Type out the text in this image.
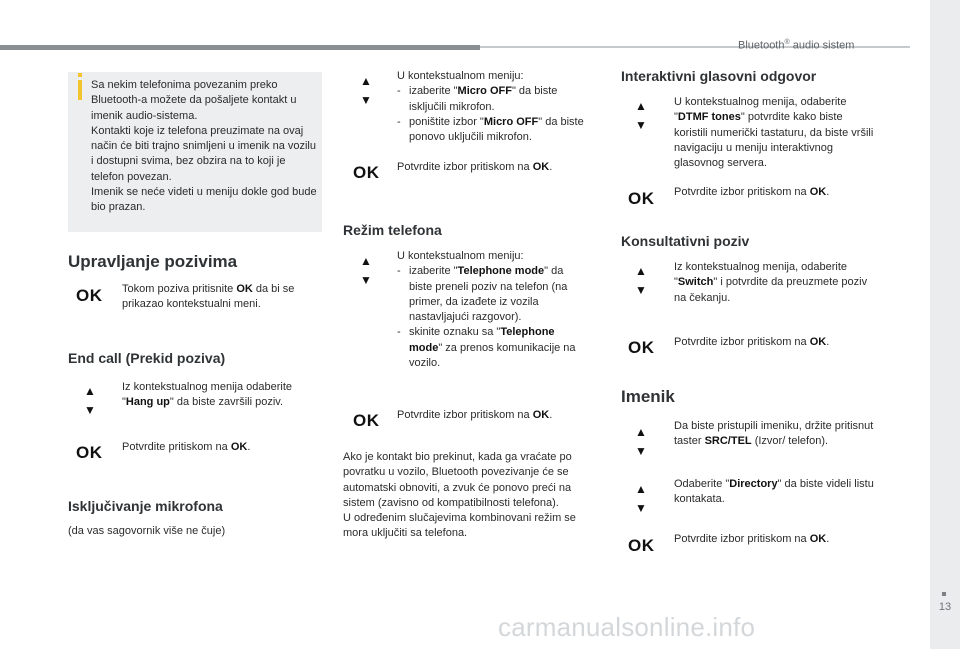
Bluetooth® audio sistem
13
carmanualsonline.info

Sa nekim telefonima povezanim preko Bluetooth-a možete da pošaljete kontakt u imenik audio-sistema.

Kontakti koje iz telefona preuzimate na ovaj način će biti trajno snimljeni u imenik na vozilu i dostupni svima, bez obzira na to koji je telefon povezan.

Imenik se neće videti u meniju dokle god bude bio prazan.

Upravljanje pozivima
OK Tokom poziva pritisnite OK da bi se prikazao kontekstualni meni.
End call (Prekid poziva)
▲
▼
Iz kontekstualnog menija odaberite "Hang up" da biste završili poziv.
OK Potvrdite pritiskom na OK.
Isključivanje mikrofona
(da vas sagovornik više ne čuje)
▲
▼

U kontekstualnom meniju:

- izaberite "Micro OFF" da biste isključili mikrofon.
- poništite izbor "Micro OFF" da biste ponovo uključili mikrofon.
OK Potvrdite izbor pritiskom na OK.
Režim telefona
▲
▼

U kontekstualnom meniju:

- izaberite "Telephone mode" da biste preneli poziv na telefon (na primer, da izađete iz vozila nastavljajući razgovor).
- skinite oznaku sa "Telephone mode" za prenos komunikacije na vozilo.
OK Potvrdite izbor pritiskom na OK.

Ako je kontakt bio prekinut, kada ga vraćate po povratku u vozilo, Bluetooth povezivanje će se automatski obnoviti, a zvuk će ponovo preći na sistem (zavisno od kompatibilnosti telefona).

U određenim slučajevima kombinovani režim se mora uključiti sa telefona.

Interaktivni glasovni odgovor
▲
▼
U kontekstualnog menija, odaberite "DTMF tones" potvrdite kako biste koristili numerički tastaturu, da biste vršili navigaciju u meniju interaktivnog glasovnog servera.
OK Potvrdite izbor pritiskom na OK.
Konsultativni poziv
▲
▼
Iz kontekstualnog menija, odaberite "Switch" i potvrdite da preuzmete poziv na čekanju.
OK Potvrdite izbor pritiskom na OK.
Imenik
▲
▼
Da biste pristupili imeniku, držite pritisnut taster SRC/TEL (Izvor/ telefon).
▲
▼
Odaberite "Directory" da biste videli listu kontakata.
OK Potvrdite izbor pritiskom na OK.
